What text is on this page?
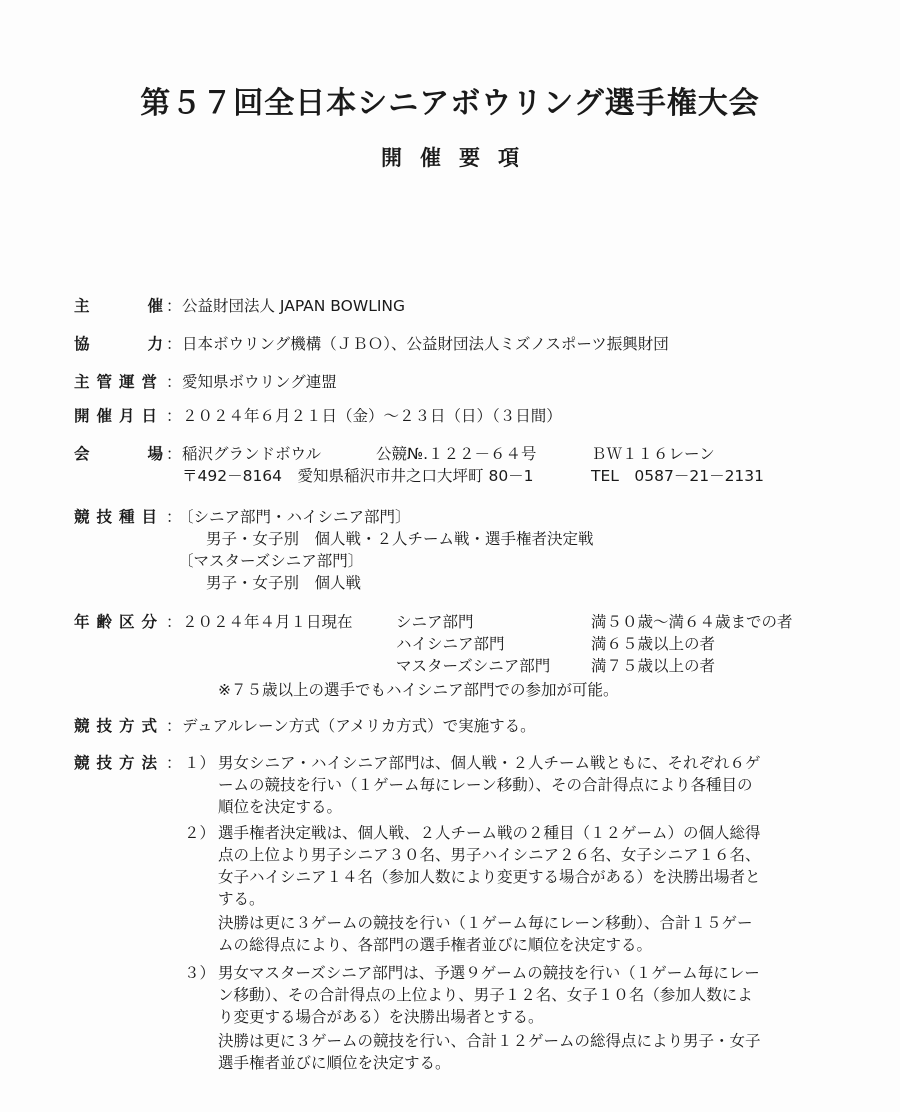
第５７回全日本シニアボウリング選手権大会
開催要項
主	催 ： 公益財団法人 JAPAN BOWLING
協	力 ： 日本ボウリング機構（ＪＢＯ）、公益財団法人ミズノスポーツ振興財団
主 管 運 営 ： 愛知県ボウリング連盟
開 催 月 日 ： ２０２４年６月２１日（金）～２３日（日）（３日間）
会	場 ： 稲沢グランドボウル	公競№.１２２－６４号	ＢＷ１１６レーン
〒492－8164　愛知県稲沢市井之口大坪町 80－1	TEL　0587－21－2131
競 技 種 目 ：
〔シニア部門・ハイシニア部門〕
男子・女子別　個人戦・２人チーム戦・選手権者決定戦
〔マスターズシニア部門〕
男子・女子別　個人戦
年 齢 区 分 ： ２０２４年４月１日現在	シニア部門	満５０歳～満６４歳までの者
ハイシニア部門	満６５歳以上の者
マスターズシニア部門	満７５歳以上の者
※７５歳以上の選手でもハイシニア部門での参加が可能。
競 技 方 式 ： デュアルレーン方式（アメリカ方式）で実施する。
競 技 方 法 ： １） 男女シニア・ハイシニア部門は、個人戦・２人チーム戦ともに、それぞれ６ゲ
ームの競技を行い（１ゲーム毎にレーン移動）、その合計得点により各種目の
順位を決定する。
２） 選手権者決定戦は、個人戦、２人チーム戦の２種目（１２ゲーム）の個人総得
点の上位より男子シニア３０名、男子ハイシニア２６名、女子シニア１６名、
女子ハイシニア１４名（参加人数により変更する場合がある）を決勝出場者と
する。
決勝は更に３ゲームの競技を行い（１ゲーム毎にレーン移動）、合計１５ゲー
ムの総得点により、各部門の選手権者並びに順位を決定する。
３） 男女マスターズシニア部門は、予選９ゲームの競技を行い（１ゲーム毎にレー
ン移動）、その合計得点の上位より、男子１２名、女子１０名（参加人数によ
り変更する場合がある）を決勝出場者とする。
決勝は更に３ゲームの競技を行い、合計１２ゲームの総得点により男子・女子
選手権者並びに順位を決定する。
